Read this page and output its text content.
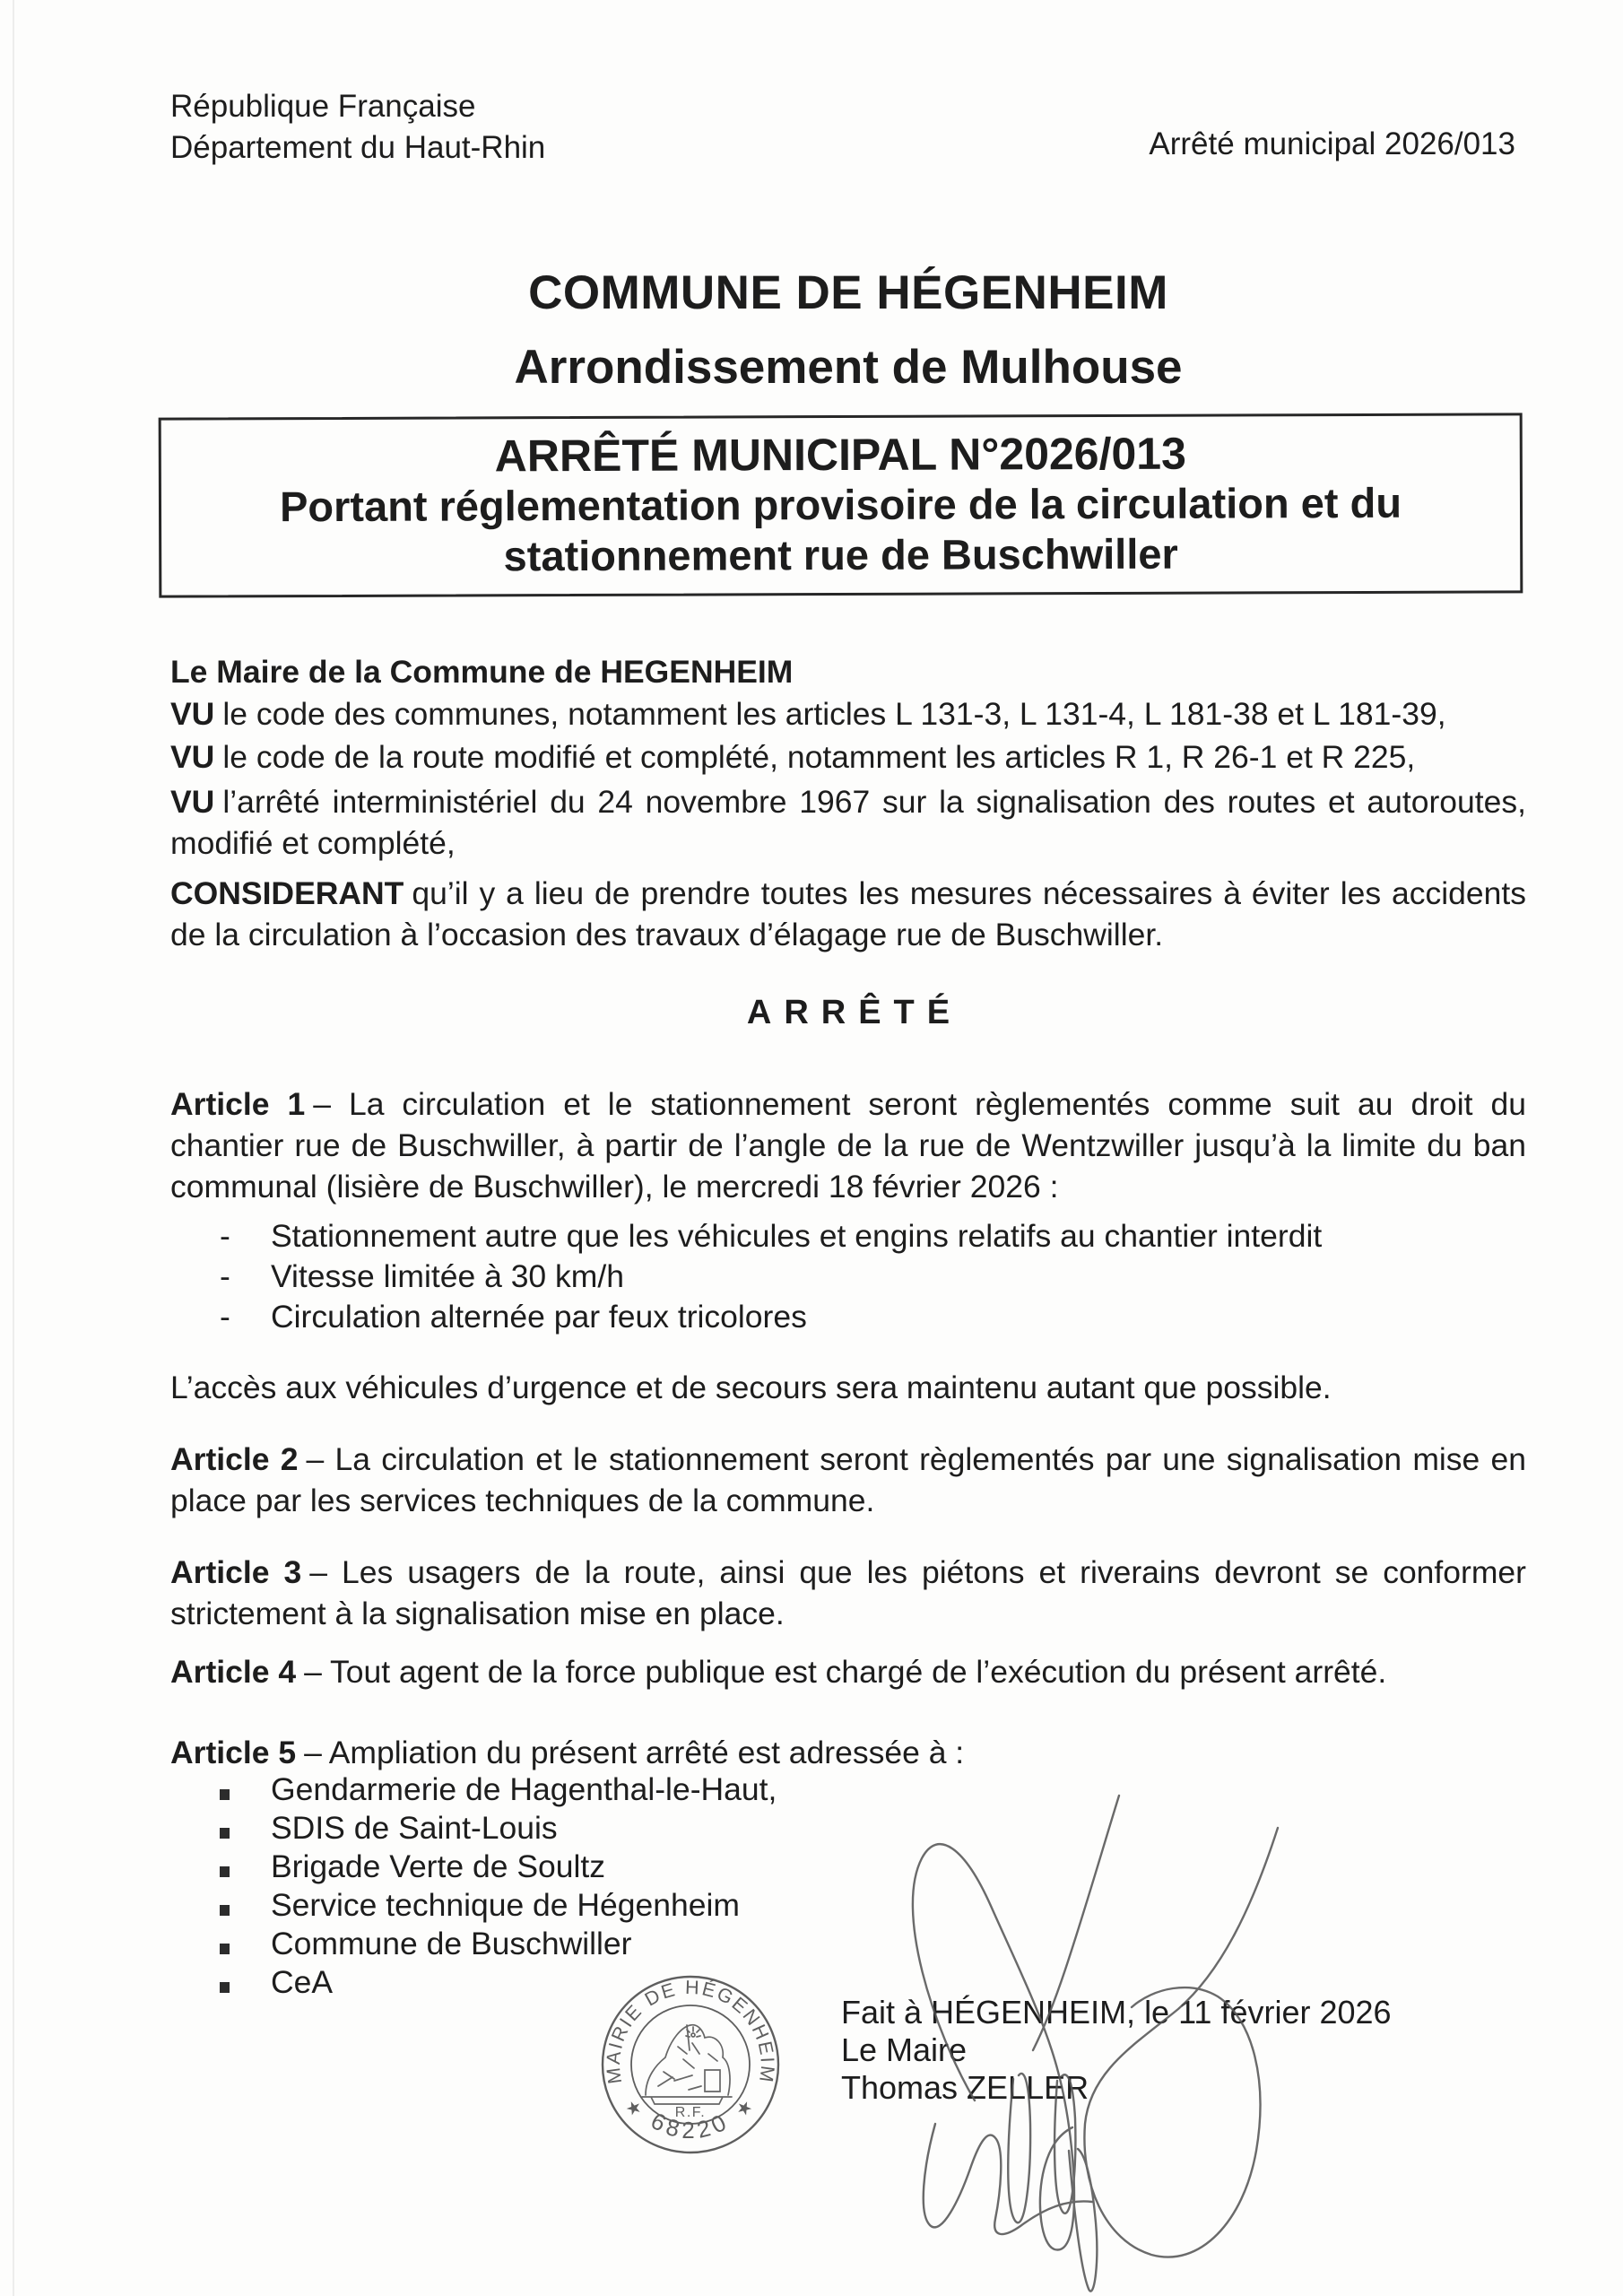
République Française
Département du Haut-Rhin	Arrêté municipal 2026/013
COMMUNE DE HÉGENHEIM
Arrondissement de Mulhouse
ARRÊTÉ MUNICIPAL N°2026/013
Portant réglementation provisoire de la circulation et du
stationnement rue de Buschwiller

Le Maire de la Commune de HEGENHEIM

VU le code des communes, notamment les articles L 131-3, L 131-4, L 181-38 et L 181-39,

VU le code de la route modifié et complété, notamment les articles R 1, R 26-1 et R 225,

VU l’arrêté interministériel du 24 novembre 1967 sur la signalisation des routes et autoroutes, modifié et complété,

CONSIDERANT qu’il y a lieu de prendre toutes les mesures nécessaires à éviter les accidents de la circulation à l’occasion des travaux d’élagage rue de Buschwiller.

ARRÊTÉ

Article 1 – La circulation et le stationnement seront règlementés comme suit au droit du chantier rue de Buschwiller, à partir de l’angle de la rue de Wentzwiller jusqu’à la limite du ban communal (lisière de Buschwiller), le mercredi 18 février 2026 :

-	Stationnement autre que les véhicules et engins relatifs au chantier interdit
-	Vitesse limitée à 30 km/h
-	Circulation alternée par feux tricolores

L’accès aux véhicules d’urgence et de secours sera maintenu autant que possible.

Article 2 – La circulation et le stationnement seront règlementés par une signalisation mise en place par les services techniques de la commune.

Article 3 – Les usagers de la route, ainsi que les piétons et riverains devront se conformer strictement à la signalisation mise en place.

Article 4 – Tout agent de la force publique est chargé de l’exécution du présent arrêté.

Article 5 – Ampliation du présent arrêté est adressée à :

Gendarmerie de Hagenthal-le-Haut,
SDIS de Saint-Louis
Brigade Verte de Soultz
Service technique de Hégenheim
Commune de Buschwiller
CeA
MAIRIE DE HÉGENHEIM
68220
R.F.
★	★
Fait à HÉGENHEIM, le 11 février 2026
Le Maire
Thomas ZELLER
